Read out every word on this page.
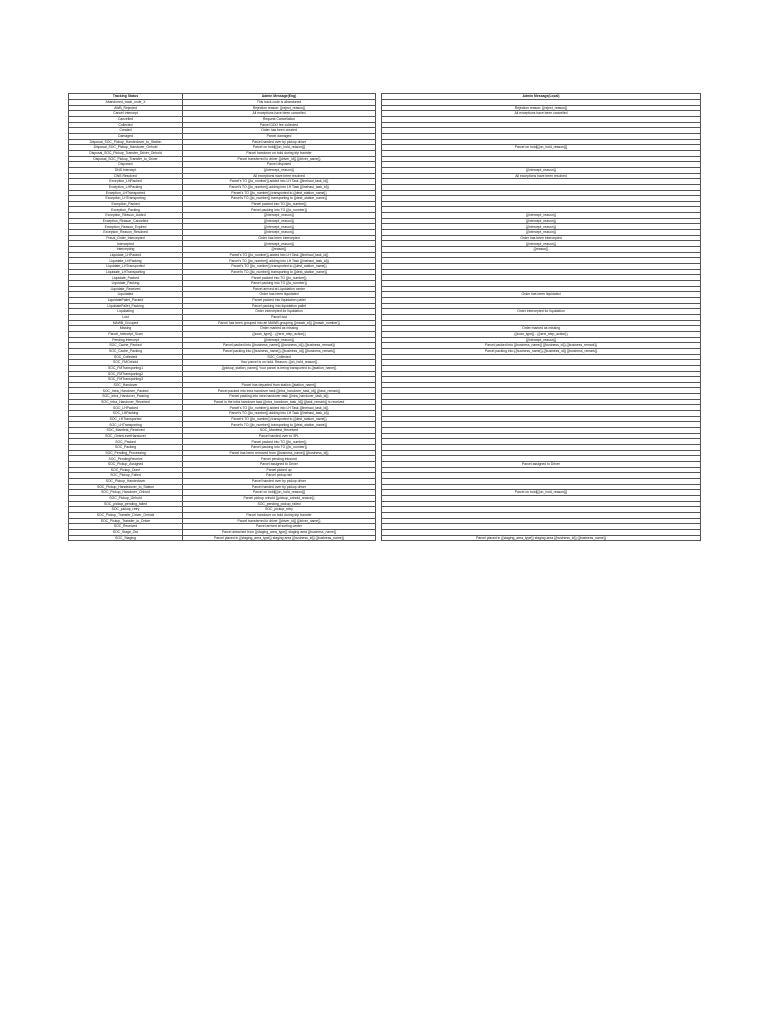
Tracking Status	Admin Message(Eng)		Admin Message(Local)
Abandoned_track_code_X	This track code is abandoned		
AWB_Rejected	Rejection reason: {{reject_reason}}		Rejection reason: {{reject_reason}}
Cancel Intercept	All exceptions have been cancelled		All exceptions have been cancelled
Cancelled	Request Cancellation		
Collected	Parcel DDO fee collected		
Created	Order has been created		
Damaged	Parcel damaged		
Disposal_SOC_Pickup_Handedover_to_Station	Parcel handed over by pickup driver		
Disposal_SOC_Pickup_Handover_Onhold	Parcel on hold[{{on_hold_reason}}]		Parcel on hold[{{on_hold_reason}}]
Disposal_SOC_Pickup_Transfer_Driver_Onhold	Parcel handover on hold during trip transfer		
Disposal_SOC_Pickup_Transfer_to_Driver	Parcel transferred to driver {{driver_id}} {{driver_name}}		
Disposed	Parcel disposed		
DNS Intercept	{{intercept_reason}}		{{intercept_reason}}
DNS Resolved	All exceptions have been resolved		All exceptions have been resolved
Exception_LHPacked	Parcel's TO {{to_number}} added into LH Task {{linehaul_task_id}}		
Exception_LHPacking	Parcel's TO {{to_number}} adding into LH Task {{linehaul_task_id}}		
Exception_LHTransported	Parcel's TO {{to_number}} transported to {{dest_station_name}}		
Exception_LHTransporting	Parcel's TO {{to_number}} transporting to {{dest_station_name}}		
Exception_Packed	Parcel packed into TO {{to_number}}		
Exception_Packing	Parcel packing into TO {{to_number}}		
Exception_Reason_Added	{{intercept_reason}}		{{intercept_reason}}
Exception_Reason_Cancelled	{{intercept_reason}}		{{intercept_reason}}
Exception_Reason_Expired	{{intercept_reason}}		{{intercept_reason}}
Exception_Reason_Resolved	{{intercept_reason}}		{{intercept_reason}}
Fraud_Order_Intercepted	Order has been intercepted		Order has been intercepted
Intercepted	{{intercept_reason}}		{{intercept_reason}}
Intercepting	{{reason}}		{{reason}}
Liquidate_LHPacked	Parcel's TO {{to_number}} added into LH Task {{linehaul_task_id}}		
Liquidate_LHPacking	Parcel's TO {{to_number}} adding into LH Task {{linehaul_task_id}}		
Liquidate_LHTransported	Parcel's TO {{to_number}} transported to {{dest_station_name}}		
Liquidate_LHTransporting	Parcel's TO {{to_number}} transporting to {{dest_station_name}}		
Liquidate_Packed	Parcel packed into TO {{to_number}}		
Liquidate_Packing	Parcel packing into TO {{to_number}}		
Liquidate_Received	Parcel arrived at Liquidation center		
Liquidated	Order has been liquidated		Order has been liquidated
LiquidatePallet_Packed	Parcel packed into liquidation pallet		
LiquidatePallet_Packing	Parcel packing into liquidation pallet		
Liquidating	Order intercepted for liquidation		Order intercepted for liquidation
Lost	Parcel lost		
MAWB_Grouped	Parcel has been grouped into an MAWB grouping {{mawb_id}} {{mawb_number}}		
Missing	Order marked as missing		Order marked as missing
Parcel_Intercept_Scan	{{scan_type}} - {{next_step_action}}		{{scan_type}} - {{next_step_action}}
Pending Intercept	{{intercept_reason}}		{{intercept_reason}}
SOC_Cache_Packed	Parcel packed into {{business_name}} {{business_id}} {{business_remark}}		Parcel packed into {{business_name}} {{business_id}} {{business_remark}}
SOC_Cache_Packing	Parcel packing into {{business_name}} {{business_id}} {{business_remark}}		Parcel packing into {{business_name}} {{business_id}} {{business_remark}}
SOC_Collected	SOC_Collected		
SOC_FMOnhold	Your parcel is on hold. Reason: {{on_hold_reason}}		
SOC_FMTransporting1	{{pickup_station_name}} Your parcel is being transported to {{station_name}}		
SOC_FMTransporting2			
SOC_FMTransporting3			
SOC_Handover	Parcel has departed from station {{station_name}}		
SOC_Intra_Handover_Packed	Parcel packed into intra handover task {{intra_handover_task_id}} {{task_remark}}		
SOC_Intra_Handover_Packing	Parcel packing into intra handover task {{intra_handover_task_id}}		
SOC_Intra_Handover_Received	Parcel in the intra handover task {{intra_handover_task_id}} {{task_remark}} is received		
SOC_LHPacked	Parcel's TO {{to_number}} added into LH Task {{linehaul_task_id}}		
SOC_LHPacking	Parcel's TO {{to_number}} adding into LH Task {{linehaul_task_id}}		
SOC_LHTransported	Parcel's TO {{to_number}} transported to {{dest_station_name}}		
SOC_LHTransporting	Parcel's TO {{to_number}} transporting to {{dest_station_name}}		
SOC_Manifest_Received	SOC_Manifest_Received		
SOC_OrderLevelHandover	Parcel handed over to 3PL		
SOC_Packed	Parcel packed into TO {{to_number}}		
SOC_Packing	Parcel packing into TO {{to_number}}		
SOC_Pending_Processing	Parcel has been removed from {{business_name}} {{business_id}}		
SOC_PendingReceive	Parcel pending inbound		
SOC_Pickup_Assigned	Parcel assigned to Driver		Parcel assigned to Driver
SOC_Pickup_Done	Parcel picked up		
SOC_Pickup_Failed	Parcel pickup fail		
SOC_Pickup_Handedover	Parcel handed over by pickup driver		
SOC_Pickup_Handedover_to_Station	Parcel handed over by pickup driver		
SOC_Pickup_Handover_Onhold	Parcel on hold[{{on_hold_reason}}]		Parcel on hold[{{on_hold_reason}}]
SOC_Pickup_Onhold	Parcel pickup onhold {{pickup_onhold_reason}}		
SOC_pickup_pending_failed	SOC_pending_pickup_failed		
SOC_pickup_retry	SOC_pickup_retry		
SOC_Pickup_Transfer_Driver_Onhold	Parcel handover on hold during trip transfer		
SOC_Pickup_Transfer_to_Driver	Parcel transferred to driver {{driver_id}} {{driver_name}}		
SOC_Received	Parcel arrived at sorting center		
SOC_Stage_Out	Parcel detached from {{staging_area_type}} staging area {{business_name}}		
SOC_Staging	Parcel placed in {{staging_area_type}} staging area {{business_id}} {{business_name}}		Parcel placed in {{staging_area_type}} staging area {{business_id}} {{business_name}}
